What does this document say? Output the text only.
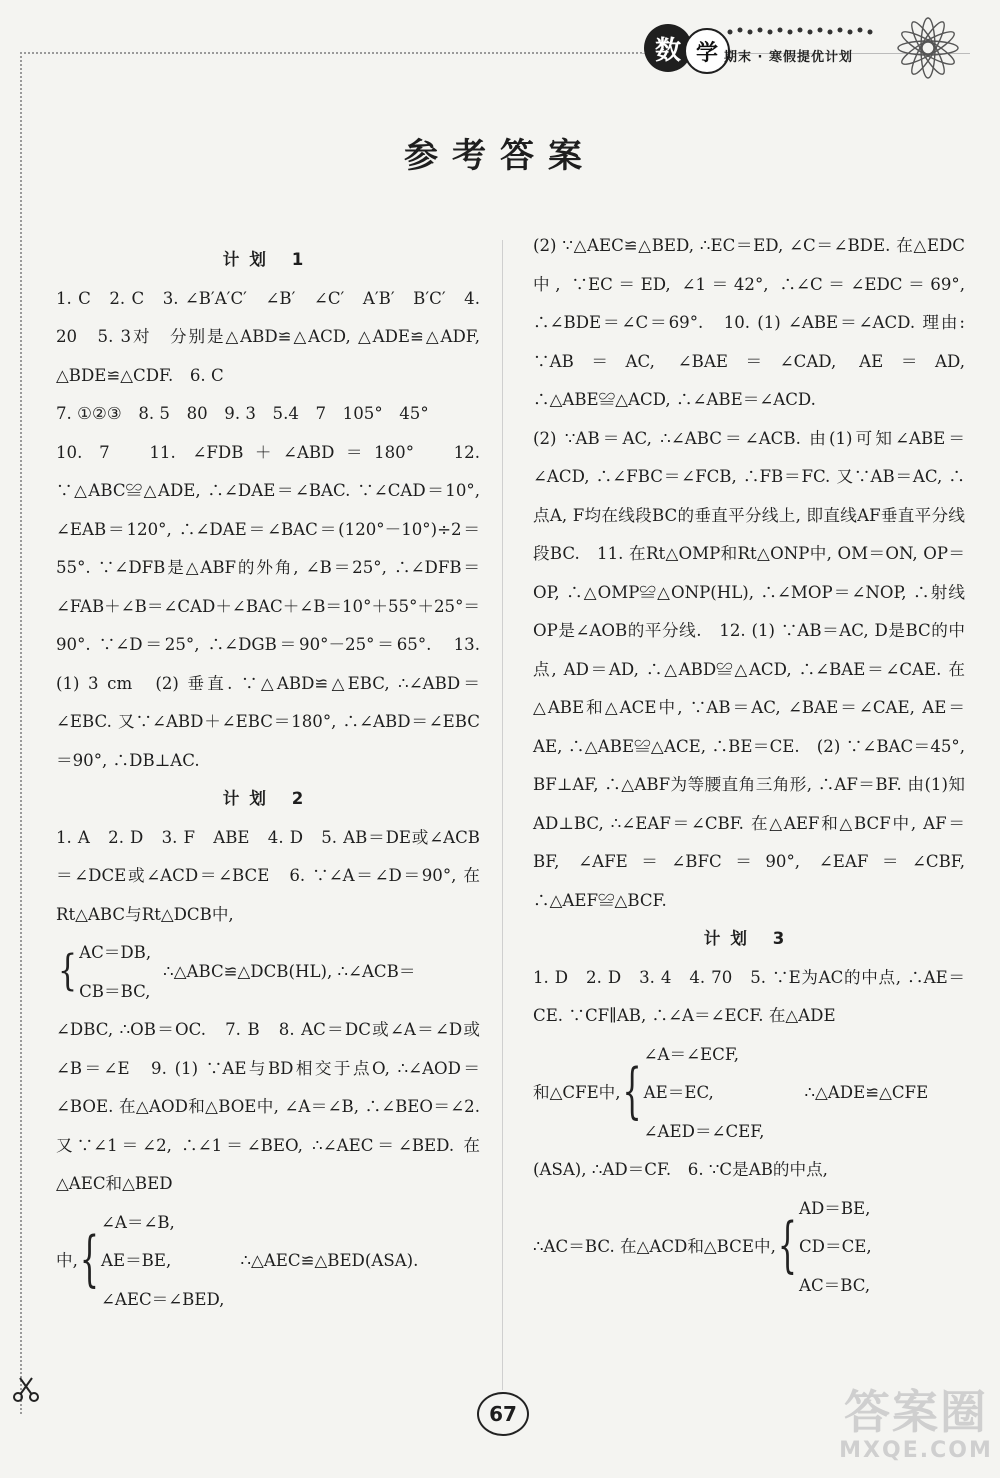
数 学 期末 · 寒假提优计划
参考答案

计划 1

1. C　2. C　3. ∠B′A′C′　∠B′　∠C′　A′B′　B′C′　4. 20　5. 3对　分别是△ABD≌△ACD, △ADE≌△ADF, △BDE≌△CDF.　6. C

7. ①②③　8. 5　80　9. 3　5.4　7　105°　45°

10. 7　11. ∠FDB＋∠ABD＝180°　12. ∵△ABC≌△ADE, ∴∠DAE＝∠BAC. ∵∠CAD＝10°, ∠EAB＝120°, ∴∠DAE＝∠BAC＝(120°－10°)÷2＝55°. ∵∠DFB是△ABF的外角, ∠B＝25°, ∴∠DFB＝∠FAB＋∠B＝∠CAD＋∠BAC＋∠B＝10°＋55°＋25°＝90°. ∵∠D＝25°, ∴∠DGB＝90°－25°＝65°.　13. (1) 3 cm　(2) 垂直. ∵△ABD≌△EBC, ∴∠ABD＝∠EBC. 又∵∠ABD＋∠EBC＝180°, ∴∠ABD＝∠EBC＝90°, ∴DB⊥AC.

计划 2

1. A　2. D　3. F　ABE　4. D　5. AB＝DE或∠ACB＝∠DCE或∠ACD＝∠BCE　6. ∵∠A＝∠D＝90°, 在Rt△ABC与Rt△DCB中,

{ AC＝DB,
CB＝BC,
∴△ABC≌△DCB(HL), ∴∠ACB＝

∠DBC, ∴OB＝OC.　7. B　8. AC＝DC或∠A＝∠D或∠B＝∠E　9. (1) ∵AE与BD相交于点O, ∴∠AOD＝∠BOE. 在△AOD和△BOE中, ∠A＝∠B, ∴∠BEO＝∠2. 又∵∠1＝∠2, ∴∠1＝∠BEO, ∴∠AEC＝∠BED. 在△AEC和△BED

中, {
∠A＝∠B,
AE＝BE,
∠AEC＝∠BED,
∴△AEC≌△BED(ASA).

(2) ∵△AEC≌△BED, ∴EC＝ED, ∠C＝∠BDE. 在△EDC中, ∵EC＝ED, ∠1＝42°, ∴∠C＝∠EDC＝69°, ∴∠BDE＝∠C＝69°.　10. (1) ∠ABE＝∠ACD. 理由: ∵AB＝AC, ∠BAE＝∠CAD, AE＝AD, ∴△ABE≌△ACD, ∴∠ABE＝∠ACD.

(2) ∵AB＝AC, ∴∠ABC＝∠ACB. 由(1)可知∠ABE＝∠ACD, ∴∠FBC＝∠FCB, ∴FB＝FC. 又∵AB＝AC, ∴点A, F均在线段BC的垂直平分线上, 即直线AF垂直平分线段BC.　11. 在Rt△OMP和Rt△ONP中, OM＝ON, OP＝OP, ∴△OMP≌△ONP(HL), ∴∠MOP＝∠NOP, ∴射线OP是∠AOB的平分线.　12. (1) ∵AB＝AC, D是BC的中点, AD＝AD, ∴△ABD≌△ACD, ∴∠BAE＝∠CAE. 在△ABE和△ACE中, ∵AB＝AC, ∠BAE＝∠CAE, AE＝AE, ∴△ABE≌△ACE, ∴BE＝CE.　(2) ∵∠BAC＝45°, BF⊥AF, ∴△ABF为等腰直角三角形, ∴AF＝BF. 由(1)知AD⊥BC, ∴∠EAF＝∠CBF. 在△AEF和△BCF中, AF＝BF, ∠AFE＝∠BFC＝90°, ∠EAF＝∠CBF, ∴△AEF≌△BCF.

计划 3

1. D　2. D　3. 4　4. 70　5. ∵E为AC的中点, ∴AE＝CE. ∵CF∥AB, ∴∠A＝∠ECF. 在△ADE

和△CFE中, {
∠A＝∠ECF,
AE＝EC,
∠AED＝∠CEF,
∴△ADE≌△CFE

(ASA), ∴AD＝CF.　6. ∵C是AB的中点,

∴AC＝BC. 在△ACD和△BCE中, {
AD＝BE,
CD＝CE,
AC＝BC,
67	答案圈
MXQE.COM
